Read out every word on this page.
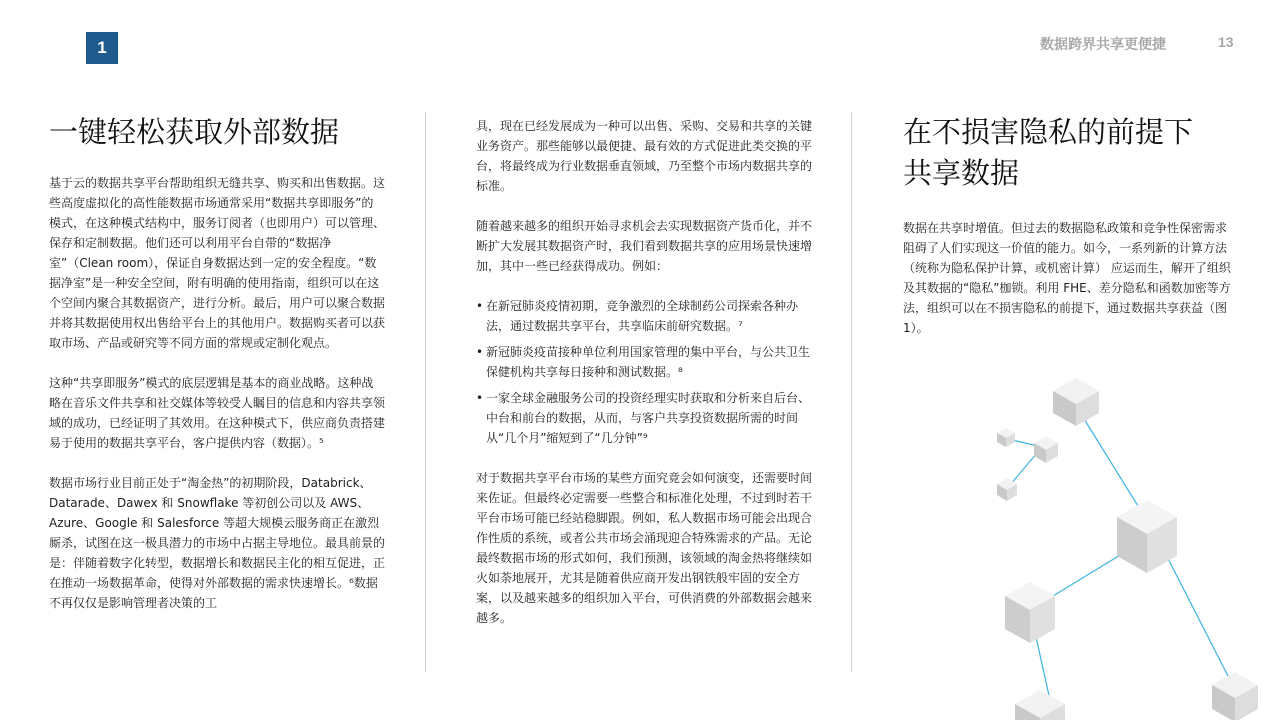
1	数据跨界共享更便捷	13
一键轻松获取外部数据

基于云的数据共享平台帮助组织无缝共享、购买和出售数据。这些高度虚拟化的高性能数据市场通常采用“数据共享即服务”的模式，在这种模式结构中，服务订阅者（也即用户）可以管理、保存和定制数据。他们还可以利用平台自带的“数据净室”（Clean room），保证自身数据达到一定的安全程度。“数据净室”是一种安全空间，附有明确的使用指南，组织可以在这个空间内聚合其数据资产，进行分析。最后，用户可以聚合数据并将其数据使用权出售给平台上的其他用户。数据购买者可以获取市场、产品或研究等不同方面的常规或定制化观点。

这种“共享即服务”模式的底层逻辑是基本的商业战略。这种战略在音乐文件共享和社交媒体等较受人瞩目的信息和内容共享领域的成功，已经证明了其效用。在这种模式下，供应商负责搭建易于使用的数据共享平台，客户提供内容（数据）。⁵

数据市场行业目前正处于“淘金热”的初期阶段，Databrick、Datarade、Dawex 和 Snowflake 等初创公司以及 AWS、Azure、Google 和 Salesforce 等超大规模云服务商正在激烈厮杀，试图在这一极具潜力的市场中占据主导地位。最具前景的是：伴随着数字化转型，数据增长和数据民主化的相互促进，正在推动一场数据革命，使得对外部数据的需求快速增长。⁶数据不再仅仅是影响管理者决策的工

具，现在已经发展成为一种可以出售、采购、交易和共享的关键业务资产。那些能够以最便捷、最有效的方式促进此类交换的平台，将最终成为行业数据垂直领域，乃至整个市场内数据共享的标准。

随着越来越多的组织开始寻求机会去实现数据资产货币化，并不断扩大发展其数据资产时，我们看到数据共享的应用场景快速增加，其中一些已经获得成功。例如：

• 在新冠肺炎疫情初期，竞争激烈的全球制药公司探索各种办法，通过数据共享平台，共享临床前研究数据。⁷
• 新冠肺炎疫苗接种单位利用国家管理的集中平台，与公共卫生保健机构共享每日接种和测试数据。⁸
• 一家全球金融服务公司的投资经理实时获取和分析来自后台、中台和前台的数据，从而，与客户共享投资数据所需的时间从“几个月”缩短到了“几分钟”⁹

对于数据共享平台市场的某些方面究竟会如何演变，还需要时间来佐证。但最终必定需要一些整合和标准化处理，不过到时若干平台市场可能已经站稳脚跟。例如，私人数据市场可能会出现合作性质的系统，或者公共市场会涌现迎合特殊需求的产品。无论最终数据市场的形式如何，我们预测，该领域的淘金热将继续如火如荼地展开，尤其是随着供应商开发出钢铁般牢固的安全方案，以及越来越多的组织加入平台，可供消费的外部数据会越来越多。

在不损害隐私的前提下
共享数据

数据在共享时增值。但过去的数据隐私政策和竞争性保密需求阻碍了人们实现这一价值的能力。如今，一系列新的计算方法（统称为隐私保护计算，或机密计算） 应运而生，解开了组织及其数据的“隐私”枷锁。利用 FHE、差分隐私和函数加密等方法，组织可以在不损害隐私的前提下，通过数据共享获益（图 1）。
